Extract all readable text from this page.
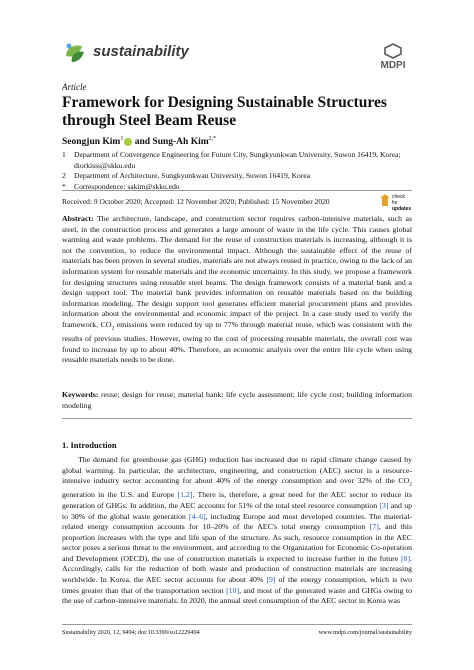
sustainability
MDPI
Article
Framework for Designing Sustainable Structures through Steel Beam Reuse
Seongjun Kim$^1$ and Sung-Ah Kim$^{2,*}$
1	Department of Convergence Engineering for Future City, Sungkyunkwan University, Suwon 16419, Korea; diorkisss@skku.edu
2	Department of Architecture, Sungkyunkwan University, Suwon 16419, Korea
*	Correspondence: sakim@skku.edu
Received: 9 October 2020; Accepted: 12 November 2020; Published: 15 November 2020	check for
updates
Abstract: The architecture, landscape, and construction sector requires carbon-intensive materials, such as steel, in the construction process and generates a large amount of waste in the life cycle. This causes global warming and waste problems. The demand for the reuse of construction materials is increasing, although it is not the convention, to reduce the environmental impact. Although the sustainable effect of the reuse of materials has been proven in several studies, materials are not always reused in practice, owing to the lack of an information system for reusable materials and the economic uncertainty. In this study, we propose a framework for designing structures using reusable steel beams. The design framework consists of a material bank and a design support tool. The material bank provides information on reusable materials based on the building information modeling. The design support tool generates efficient material procurement plans and provides information about the environmental and economic impact of the project. In a case study used to verify the framework, $CO_2$ emissions were reduced by up to 77% through material reuse, which was consistent with the results of previous studies. However, owing to the cost of processing reusable materials, the overall cost was found to increase by up to about 40%. Therefore, an economic analysis over the entire life cycle when using reusable materials needs to be done.
Keywords: reuse; design for reuse; material bank; life cycle assessment; life cycle cost; building information modeling
1. Introduction
The demand for greenhouse gas (GHG) reduction has increased due to rapid climate change caused by global warming. In particular, the architecture, engineering, and construction (AEC) sector is a resource-intensive industry sector accounting for about 40% of the energy consumption and over 32% of the $CO_2$ generation in the U.S. and Europe [1,2]. There is, therefore, a great need for the AEC sector to reduce its generation of GHGs. In addition, the AEC accounts for 51% of the total steel resource consumption [3] and up to 30% of the global waste generation [4–6], including Europe and most developed countries. The material-related energy consumption accounts for 10–20% of the AEC's total energy consumption [7], and this proportion increases with the type and life span of the structure. As such, resource consumption in the AEC sector poses a serious threat to the environment, and according to the Organization for Economic Co-operation and Development (OECD), the use of construction materials is expected to increase further in the future [8]. Accordingly, calls for the reduction of both waste and production of construction materials are increasing worldwide. In Korea, the AEC sector accounts for about 40% [9] of the energy consumption, which is two times greater than that of the transportation section [10], and most of the generated waste and GHGs owing to the use of carbon-intensive materials. In 2020, the annual steel consumption of the AEC sector in Korea was
Sustainability 2020, 12, 9494; doi:10.3390/su12229494	www.mdpi.com/journal/sustainability
